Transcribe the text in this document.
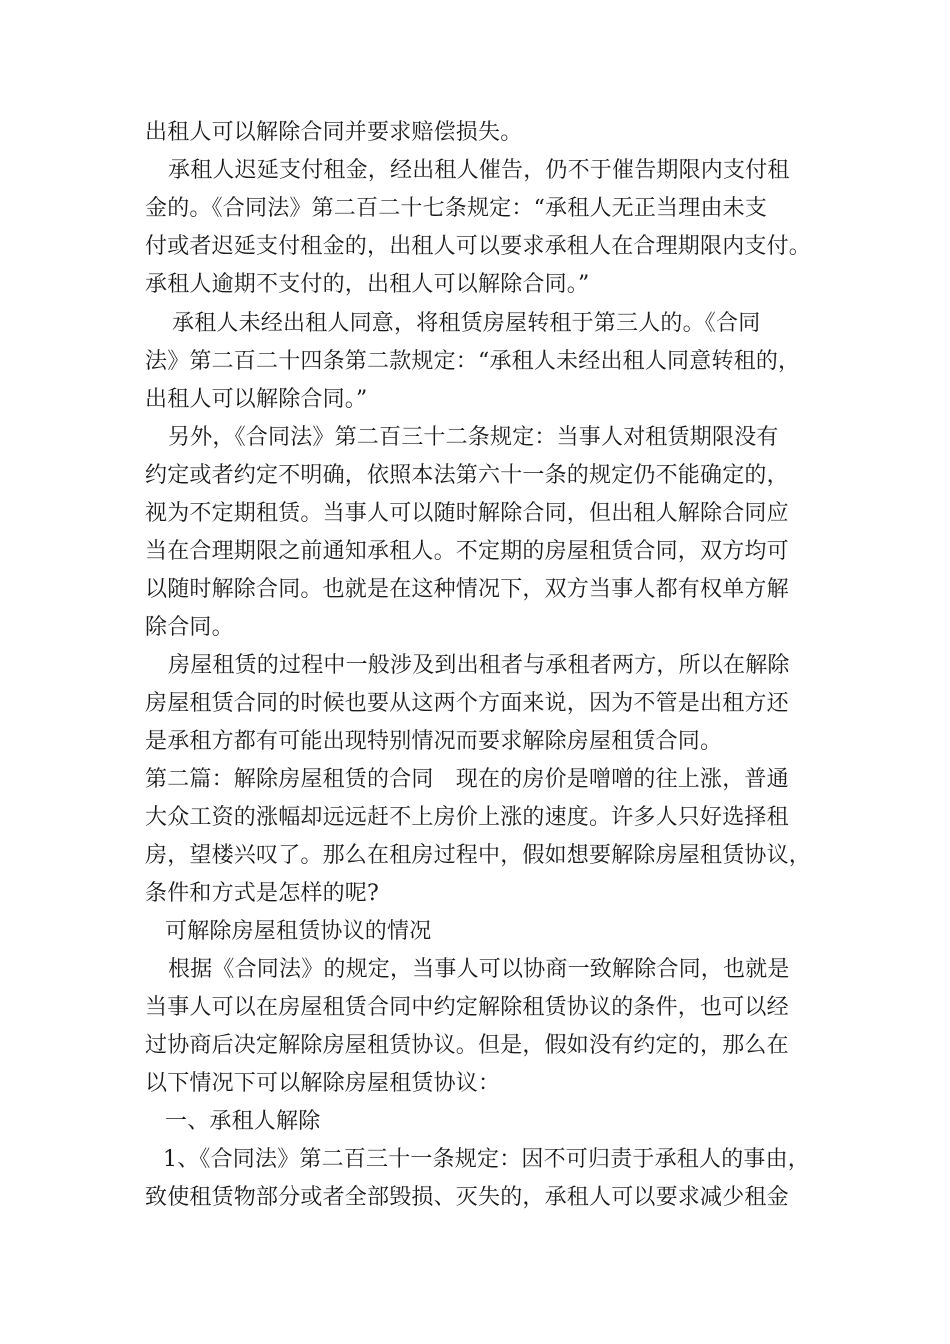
出租人可以解除合同并要求赔偿损失。
承租人迟延支付租金，经出租人催告，仍不于催告期限内支付租
金的。《合同法》第二百二十七条规定：“承租人无正当理由未支
付或者迟延支付租金的，出租人可以要求承租人在合理期限内支付。
承租人逾期不支付的，出租人可以解除合同。”
承租人未经出租人同意，将租赁房屋转租于第三人的。《合同
法》第二百二十四条第二款规定：“承租人未经出租人同意转租的，
出租人可以解除合同。”
另外，《合同法》第二百三十二条规定：当事人对租赁期限没有
约定或者约定不明确，依照本法第六十一条的规定仍不能确定的，
视为不定期租赁。当事人可以随时解除合同，但出租人解除合同应
当在合理期限之前通知承租人。不定期的房屋租赁合同，双方均可
以随时解除合同。也就是在这种情况下，双方当事人都有权单方解
除合同。
房屋租赁的过程中一般涉及到出租者与承租者两方，所以在解除
房屋租赁合同的时候也要从这两个方面来说，因为不管是出租方还
是承租方都有可能出现特别情况而要求解除房屋租赁合同。
第二篇：解除房屋租赁的合同　现在的房价是噌噌的往上涨，普通
大众工资的涨幅却远远赶不上房价上涨的速度。许多人只好选择租
房，望楼兴叹了。那么在租房过程中，假如想要解除房屋租赁协议，
条件和方式是怎样的呢?
可解除房屋租赁协议的情况
根据《合同法》的规定，当事人可以协商一致解除合同，也就是
当事人可以在房屋租赁合同中约定解除租赁协议的条件，也可以经
过协商后决定解除房屋租赁协议。但是，假如没有约定的，那么在
以下情况下可以解除房屋租赁协议：
一、承租人解除
1、《合同法》第二百三十一条规定：因不可归责于承租人的事由，
致使租赁物部分或者全部毁损、灭失的，承租人可以要求减少租金
